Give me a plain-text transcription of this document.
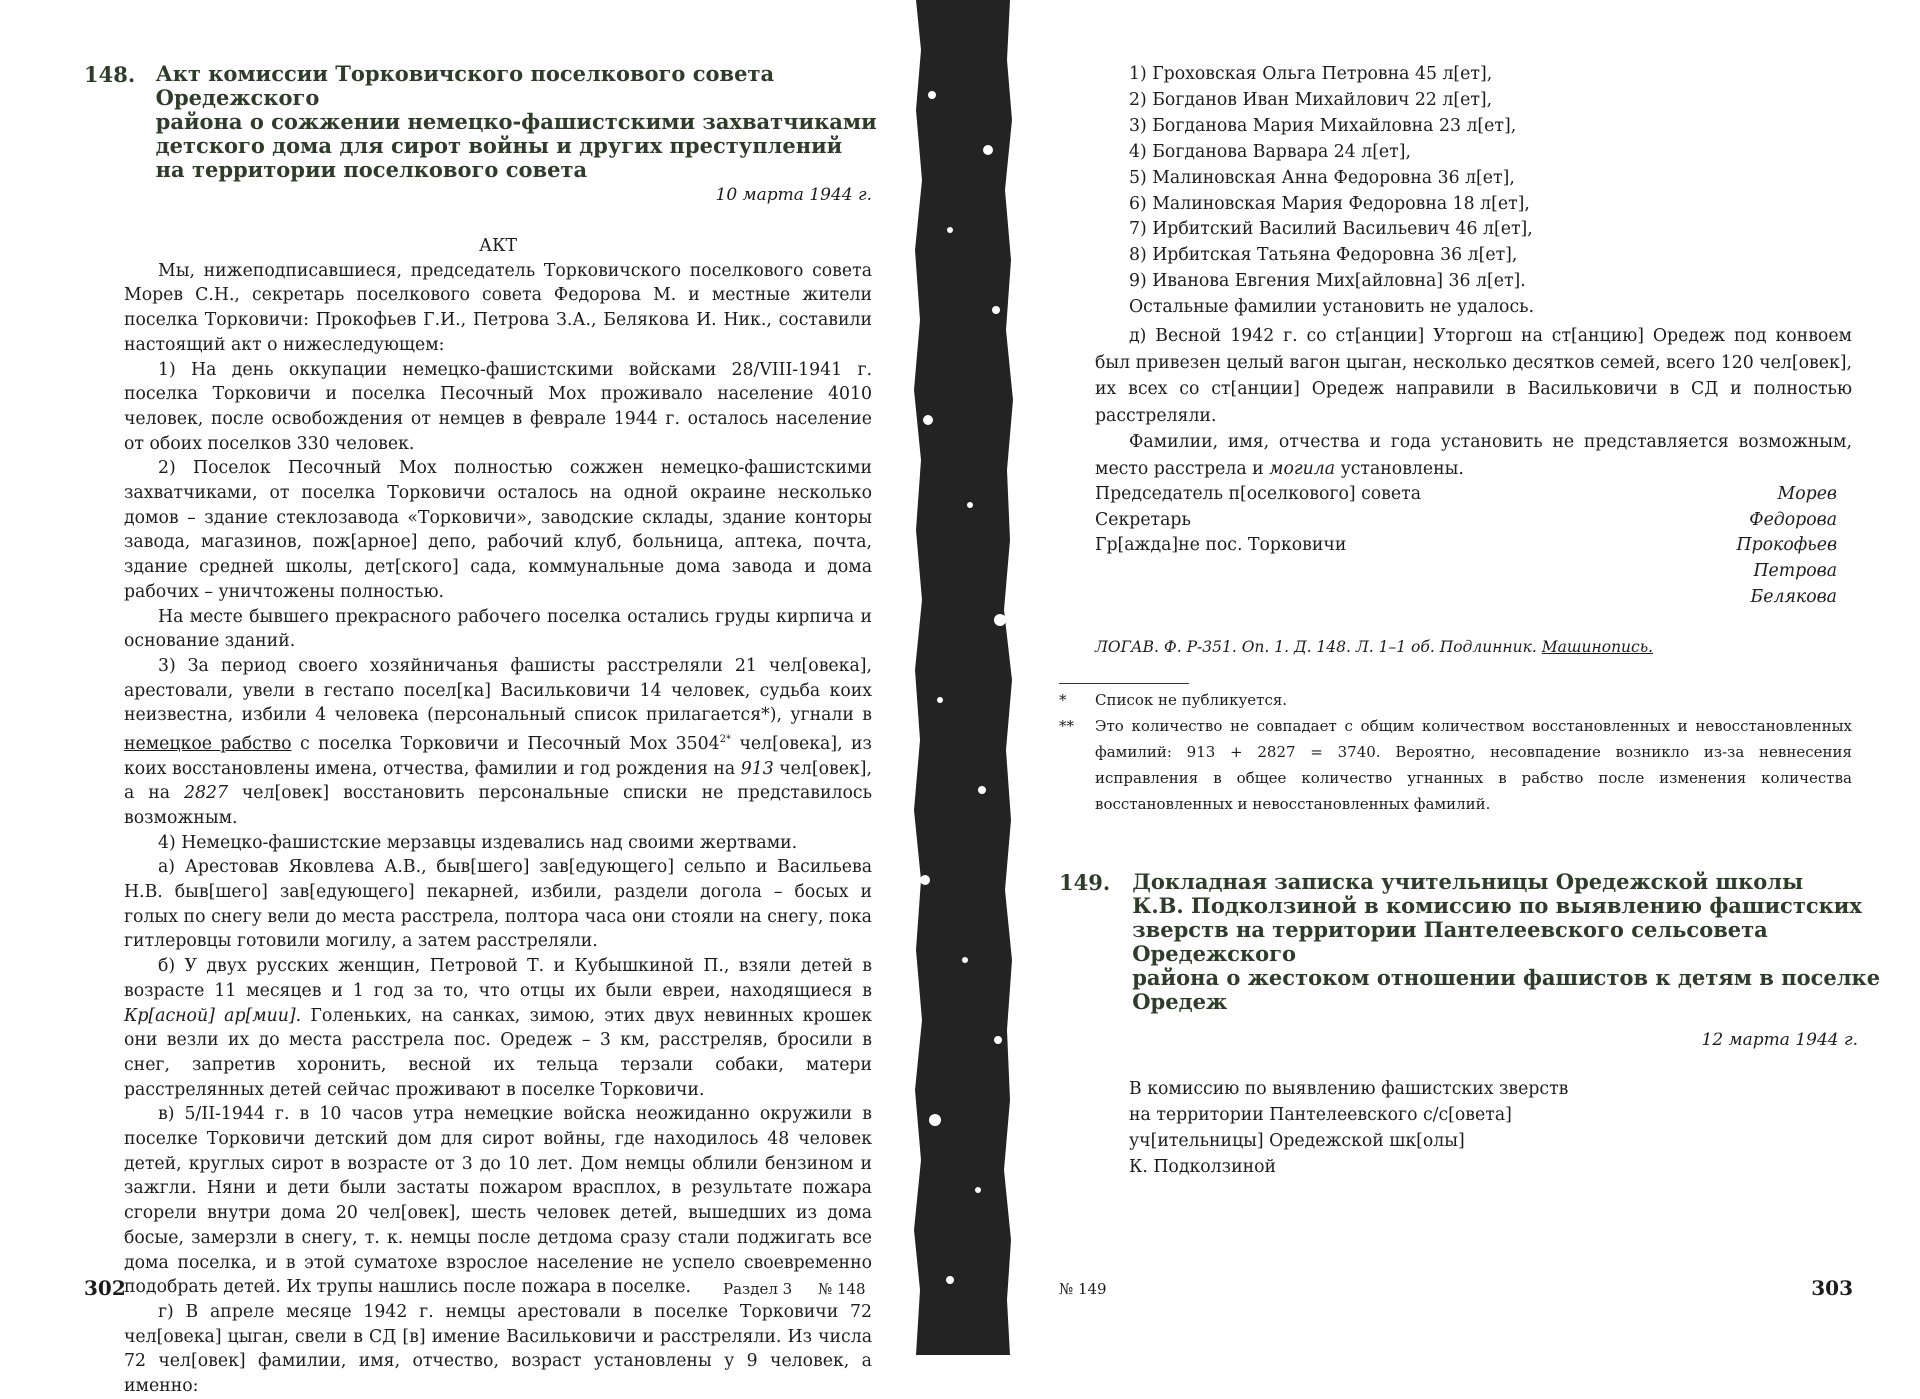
148. Акт комиссии Торковичского поселкового совета Оредежского
района о сожжении немецко-фашистскими захватчиками
детского дома для сирот войны и других преступлений
на территории поселкового совета
10 марта 1944 г.

АКТ

Мы, нижеподписавшиеся, председатель Торковичского поселкового совета Морев С.Н., секретарь поселкового совета Федорова М. и местные жители поселка Торковичи: Прокофьев Г.И., Петрова З.А., Белякова И. Ник., составили настоящий акт о нижеследующем:

1) На день оккупации немецко-фашистскими войсками 28/VIII-1941 г. поселка Торковичи и поселка Песочный Мох проживало население 4010 человек, после освобождения от немцев в феврале 1944 г. осталось население от обоих поселков 330 человек.

2) Поселок Песочный Мох полностью сожжен немецко-фашистскими захватчиками, от поселка Торковичи осталось на одной окраине несколько домов – здание стеклозавода «Торковичи», заводские склады, здание конторы завода, магазинов, пож[арное] депо, рабочий клуб, больница, аптека, почта, здание средней школы, дет[ского] сада, коммунальные дома завода и дома рабочих – уничтожены полностью.

На месте бывшего прекрасного рабочего поселка остались груды кирпича и основание зданий.

3) За период своего хозяйничанья фашисты расстреляли 21 чел[овека], арестовали, увели в гестапо посел[ка] Васильковичи 14 человек, судьба коих неизвестна, избили 4 человека (персональный список прилагается*), угнали в немецкое рабство с поселка Торковичи и Песочный Мох $3504^{2*}$ чел[овека], из коих восстановлены имена, отчества, фамилии и год рождения на 913 чел[овек], а на 2827 чел[овек] восстановить персональные списки не представилось возможным.

4) Немецко-фашистские мерзавцы издевались над своими жертвами.

а) Арестовав Яковлева А.В., быв[шего] зав[едующего] сельпо и Васильева Н.В. быв[шего] зав[едующего] пекарней, избили, раздели догола – босых и голых по снегу вели до места расстрела, полтора часа они стояли на снегу, пока гитлеровцы готовили могилу, а затем расстреляли.

б) У двух русских женщин, Петровой Т. и Кубышкиной П., взяли детей в возрасте 11 месяцев и 1 год за то, что отцы их были евреи, находящиеся в Кр[асной] ар[мии]. Голеньких, на санках, зимою, этих двух невинных крошек они везли их до места расстрела пос. Оредеж – 3 км, расстреляв, бросили в снег, запретив хоронить, весной их тельца терзали собаки, матери расстрелянных детей сейчас проживают в поселке Торковичи.

в) 5/II-1944 г. в 10 часов утра немецкие войска неожиданно окружили в поселке Торковичи детский дом для сирот войны, где находилось 48 человек детей, круглых сирот в возрасте от 3 до 10 лет. Дом немцы облили бензином и зажгли. Няни и дети были застаты пожаром врасплох, в результате пожара сгорели внутри дома 20 чел[овек], шесть человек детей, вышедших из дома босые, замерзли в снегу, т. к. немцы после детдома сразу стали поджигать все дома поселка, и в этой суматохе взрослое население не успело своевременно подобрать детей. Их трупы нашлись после пожара в поселке.

г) В апреле месяце 1942 г. немцы арестовали в поселке Торковичи 72 чел[овека] цыган, свели в СД [в] имение Васильковичи и расстреляли. Из числа 72 чел[овек] фамилии, имя, отчество, возраст установлены у 9 человек, а именно:

302	Раздел 3 № 148
1) Гроховская Ольга Петровна 45 л[ет],
2) Богданов Иван Михайлович 22 л[ет],
3) Богданова Мария Михайловна 23 л[ет],
4) Богданова Варвара 24 л[ет],
5) Малиновская Анна Федоровна 36 л[ет],
6) Малиновская Мария Федоровна 18 л[ет],
7) Ирбитский Василий Васильевич 46 л[ет],
8) Ирбитская Татьяна Федоровна 36 л[ет],
9) Иванова Евгения Мих[айловна] 36 л[ет].
Остальные фамилии установить не удалось.

д) Весной 1942 г. со ст[анции] Уторгош на ст[анцию] Оредеж под конвоем был привезен целый вагон цыган, несколько десятков семей, всего 120 чел[овек], их всех со ст[анции] Оредеж направили в Васильковичи в СД и полностью расстреляли.

Фамилии, имя, отчества и года установить не представляется возможным, место расстрела и могила установлены.

Председатель п[оселкового] совета	Морев
Секретарь	Федорова
Гр[ажда]не пос. Торковичи	Прокофьев
Петрова
Белякова
ЛОГАВ. Ф. Р-351. Оп. 1. Д. 148. Л. 1–1 об. Подлинник. Машинопись.
*	Список не публикуется.
**	Это количество не совпадает с общим количеством восстановленных и невосстановленных фамилий: 913 + 2827 = 3740. Вероятно, несовпадение возникло из-за невнесения исправления в общее количество угнанных в рабство после изменения количества восстановленных и невосстановленных фамилий.
149.	Докладная записка учительницы Оредежской школы
К.В. Подколзиной в комиссию по выявлению фашистских
зверств на территории Пантелеевского сельсовета Оредежского
района о жестоком отношении фашистов к детям в поселке
Оредеж
12 марта 1944 г.
В комиссию по выявлению фашистских зверств
на территории Пантелеевского с/с[овета]
уч[ительницы] Оредежской шк[олы]
К. Подколзиной
№ 149	303
